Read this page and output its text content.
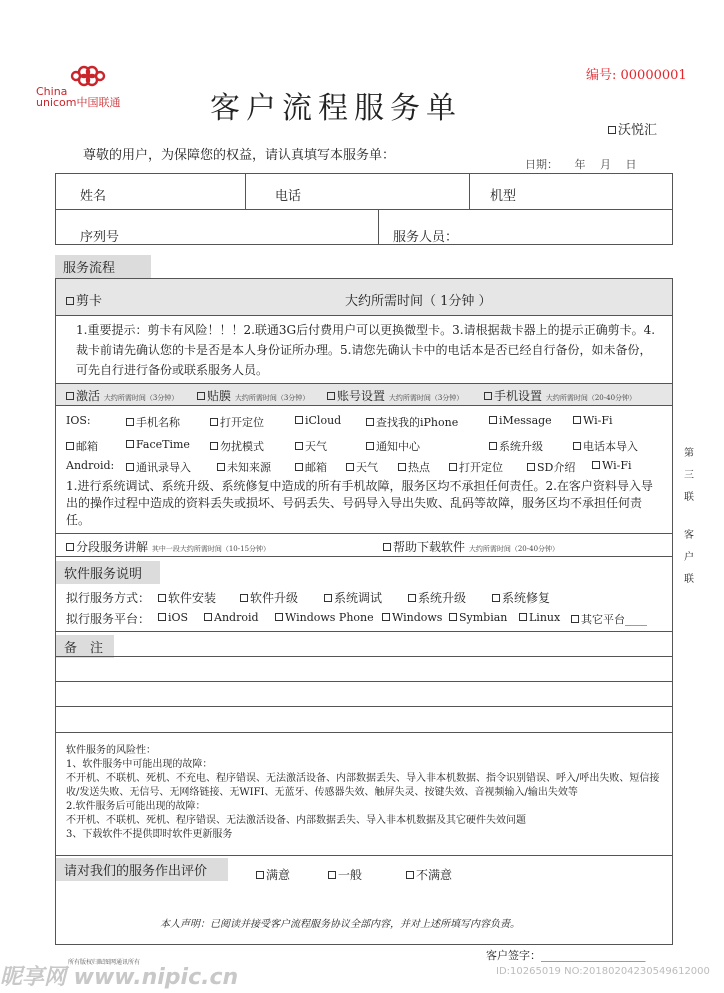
编号: 00000001
China
unicom中国联通	客户流程服务单
沃悦汇
尊敬的用户，为保障您的权益，请认真填写本服务单：
日期：　　年　 月　 日
姓名	电话	机型
序列号	服务人员：
服务流程
剪卡	大约所需时间（ 1分钟 ）
1.重要提示：剪卡有风险！！！2.联通3G后付费用户可以更换微型卡。3.请根据裁卡器上的提示正确剪卡。4.裁卡前请先确认您的卡是否是本人身份证所办理。5.请您先确认卡中的电话本是否已经自行备份，如未备份，可先自行进行备份或联系服务人员。
激活 大约所需时间（3分钟）	贴膜 大约所需时间（3分钟）	账号设置 大约所需时间（3分钟）	手机设置 大约所需时间（20-40分钟）
IOS:	手机名称	打开定位	iCloud	查找我的iPhone	iMessage	Wi-Fi
邮箱	FaceTime	勿扰模式	天气	通知中心	系统升级	电话本导入
Android:	通讯录导入	未知来源	邮箱	天气	热点	打开定位	SD介绍	Wi-Fi
1.进行系统调试、系统升级、系统修复中造成的所有手机故障，服务区均不承担任何责任。2.在客户资料导入导出的操作过程中造成的资料丢失或损坏、号码丢失、号码导入导出失败、乱码等故障，服务区均不承担任何责任。
分段服务讲解 其中一段大约所需时间（10-15分钟）	帮助下载软件 大约所需时间（20-40分钟）
软件服务说明
拟行服务方式：	软件安装	软件升级	系统调试	系统升级	系统修复
拟行服务平台：	iOS	Android	Windows Phone	Windows	Symbian	Linux	其它平台____
备　注
软件服务的风险性：
1、软件服务中可能出现的故障：
不开机、不联机、死机、不充电、程序错误、无法激活设备、内部数据丢失、导入非本机数据、指令识别错误、呼入/呼出失败、短信接收/发送失败、无信号、无网络链接、无WIFI、无蓝牙、传感器失效、触屏失灵、按键失效、音视频输入/输出失效等
2.软件服务后可能出现的故障：
不开机、不联机、死机、程序错误、无法激活设备、内部数据丢失、导入非本机数据及其它硬件失效问题
3、下载软件不提供即时软件更新服务
请对我们的服务作出评价	满意	一般	不满意
本人声明：已阅读并接受客户流程服务协议全部内容，并对上述所填写内容负责。
客户签字：___________________
第
三
联
客
户
联
所有版权归昵图网通讯所有
昵享网 www.nipic.cn	ID:10265019 NO:20180204230549612000
